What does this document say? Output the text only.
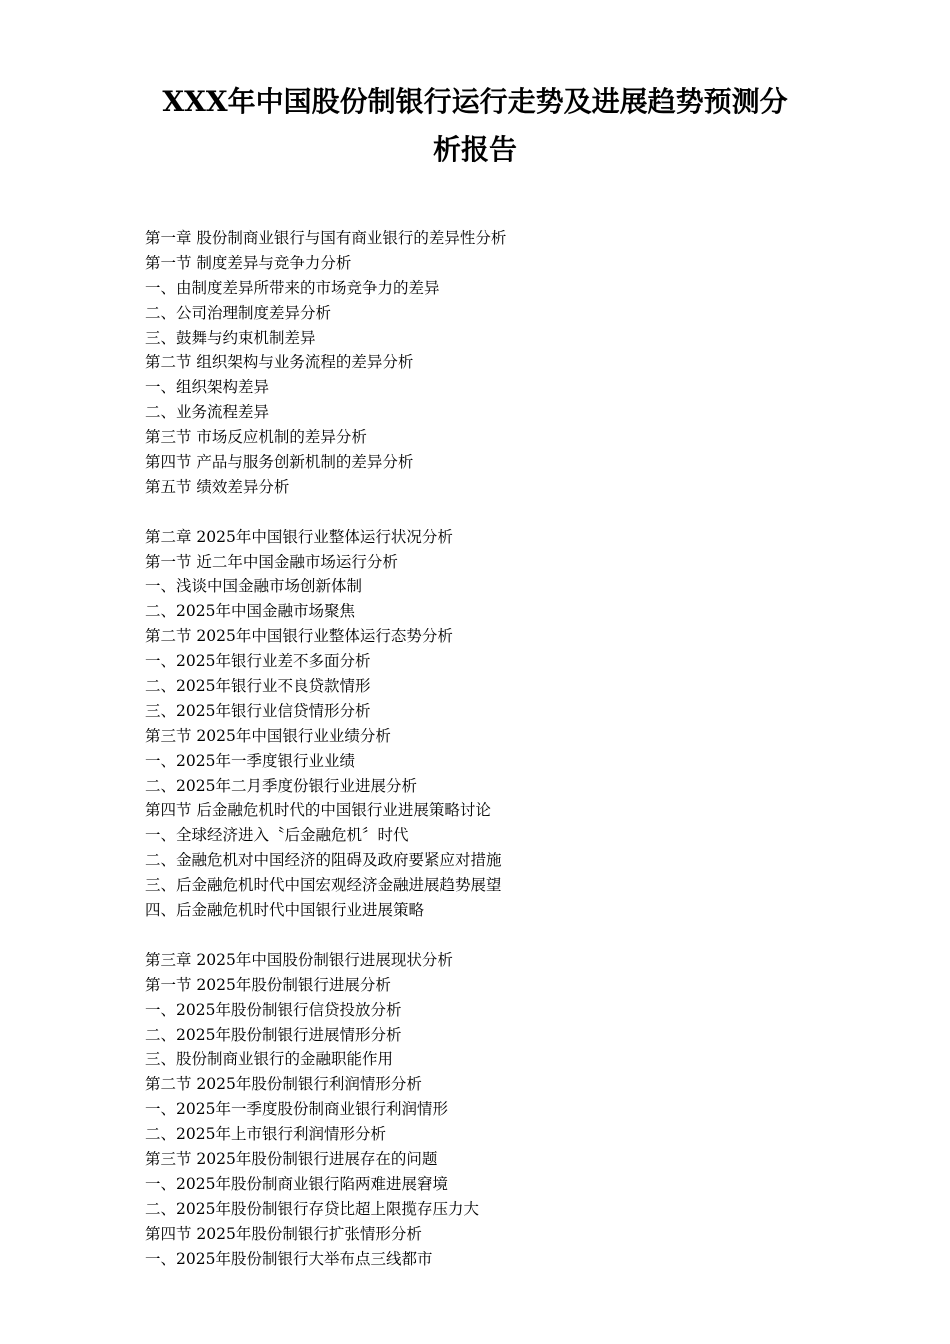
XXX年中国股份制银行运行走势及进展趋势预测分
析报告
第一章 股份制商业银行与国有商业银行的差异性分析
第一节 制度差异与竞争力分析
一、由制度差异所带来的市场竞争力的差异
二、公司治理制度差异分析
三、鼓舞与约束机制差异
第二节 组织架构与业务流程的差异分析
一、组织架构差异
二、业务流程差异
第三节 市场反应机制的差异分析
第四节 产品与服务创新机制的差异分析
第五节 绩效差异分析
第二章 2025年中国银行业整体运行状况分析
第一节 近二年中国金融市场运行分析
一、浅谈中国金融市场创新体制
二、2025年中国金融市场聚焦
第二节 2025年中国银行业整体运行态势分析
一、2025年银行业差不多面分析
二、2025年银行业不良贷款情形
三、2025年银行业信贷情形分析
第三节 2025年中国银行业业绩分析
一、2025年一季度银行业业绩
二、2025年二月季度份银行业进展分析
第四节 后金融危机时代的中国银行业进展策略讨论
一、全球经济进入〝后金融危机〞时代
二、金融危机对中国经济的阻碍及政府要紧应对措施
三、后金融危机时代中国宏观经济金融进展趋势展望
四、后金融危机时代中国银行业进展策略
第三章 2025年中国股份制银行进展现状分析
第一节 2025年股份制银行进展分析
一、2025年股份制银行信贷投放分析
二、2025年股份制银行进展情形分析
三、股份制商业银行的金融职能作用
第二节 2025年股份制银行利润情形分析
一、2025年一季度股份制商业银行利润情形
二、2025年上市银行利润情形分析
第三节 2025年股份制银行进展存在的问题
一、2025年股份制商业银行陷两难进展窘境
二、2025年股份制银行存贷比超上限揽存压力大
第四节 2025年股份制银行扩张情形分析
一、2025年股份制银行大举布点三线都市
